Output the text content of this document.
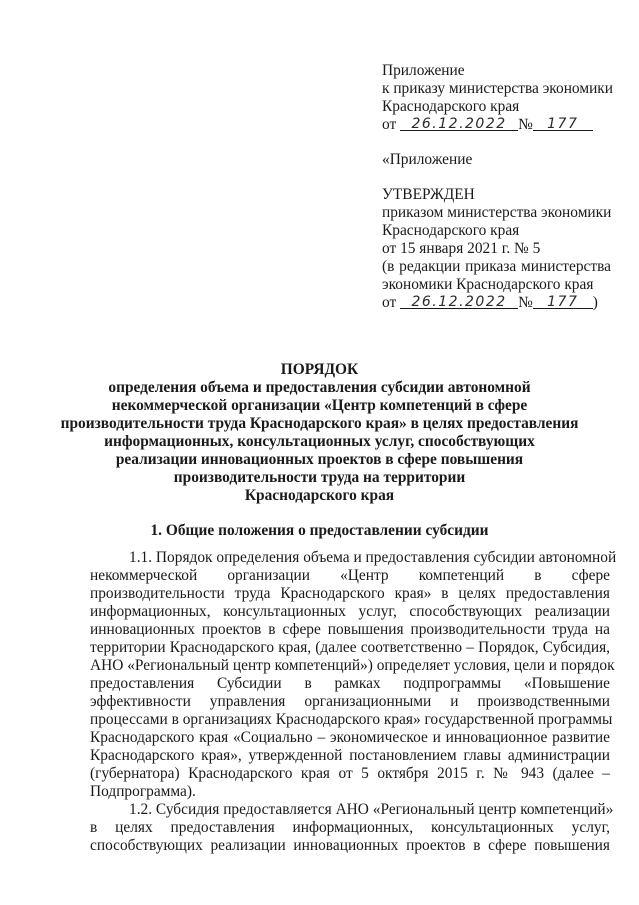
Приложение
к приказу министерства экономики
Краснодарского края
от 26.12.2022 № 177
«Приложение
УТВЕРЖДЕН
приказом министерства экономики
Краснодарского края
от 15 января 2021 г. № 5
(в редакции приказа министерства
экономики Краснодарского края
от 26.12.2022 № 177 )
ПОРЯДОК
определения объема и предоставления субсидии автономной
некоммерческой организации «Центр компетенций в сфере
производительности труда Краснодарского края» в целях предоставления
информационных, консультационных услуг, способствующих
реализации инновационных проектов в сфере повышения
производительности труда на территории
Краснодарского края
1. Общие положения о предоставлении субсидии
1.1. Порядок определения объема и предоставления субсидии автономной
некоммерческой организации «Центр компетенций в сфере
производительности труда Краснодарского края» в целях предоставления
информационных, консультационных услуг, способствующих реализации
инновационных проектов в сфере повышения производительности труда на
территории Краснодарского края, (далее соответственно – Порядок, Субсидия,
АНО «Региональный центр компетенций») определяет условия, цели и порядок
предоставления Субсидии в рамках подпрограммы «Повышение
эффективности управления организационными и производственными
процессами в организациях Краснодарского края» государственной программы
Краснодарского края «Социально – экономическое и инновационное развитие
Краснодарского края», утвержденной постановлением главы администрации
(губернатора) Краснодарского края от 5 октября 2015 г. № 943 (далее –
Подпрограмма).
1.2. Субсидия предоставляется АНО «Региональный центр компетенций»
в целях предоставления информационных, консультационных услуг,
способствующих реализации инновационных проектов в сфере повышения
